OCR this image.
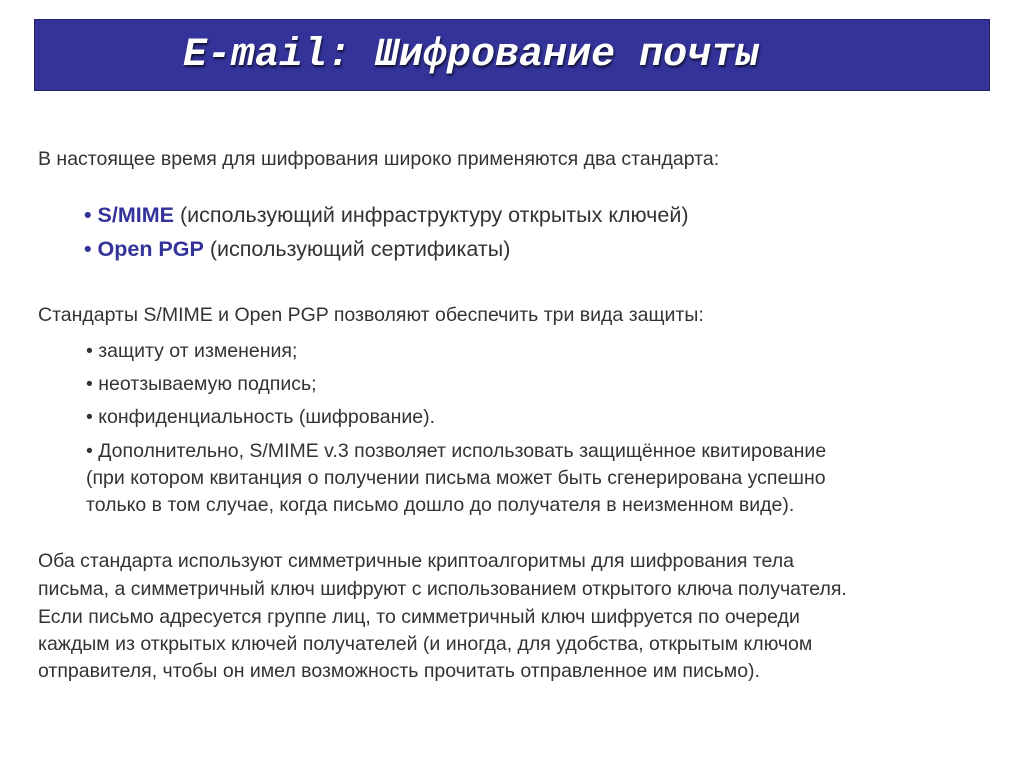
E-mail: Шифрование почты
В настоящее время для шифрования широко применяются два стандарта:
• S/MIME (использующий инфраструктуру открытых ключей)
• Open PGP (использующий сертификаты)
Стандарты S/MIME и Open PGP позволяют обеспечить три вида защиты:
• защиту от изменения;
• неотзываемую подпись;
• конфиденциальность (шифрование).
• Дополнительно, S/MIME v.3 позволяет использовать защищённое квитирование
(при котором квитанция о получении письма может быть сгенерирована успешно
только в том случае, когда письмо дошло до получателя в неизменном виде).
Оба стандарта используют симметричные криптоалгоритмы для шифрования тела
письма, а симметричный ключ шифруют с использованием открытого ключа получателя.
Если письмо адресуется группе лиц, то симметричный ключ шифруется по очереди
каждым из открытых ключей получателей (и иногда, для удобства, открытым ключом
отправителя, чтобы он имел возможность прочитать отправленное им письмо).
